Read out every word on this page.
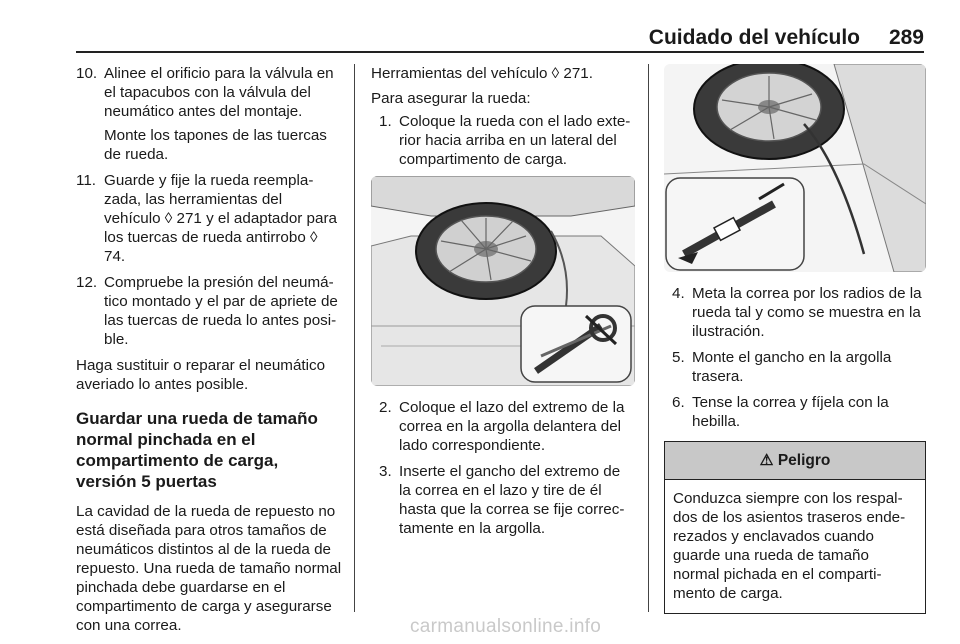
Cuidado del vehículo 289
10. Alinee el orificio para la válvula en el tapacubos con la válvula del neumático antes del montaje.
Monte los tapones de las tuercas de rueda.
11. Guarde y fije la rueda reemplazada, las herramientas del vehículo ◊ 271 y el adaptador para los tuercas de rueda antirrobo ◊ 74.
12. Compruebe la presión del neumático montado y el par de apriete de las tuercas de rueda lo antes posible.
Haga sustituir o reparar el neumático averiado lo antes posible.
Guardar una rueda de tamaño normal pinchada en el compartimento de carga, versión 5 puertas
La cavidad de la rueda de repuesto no está diseñada para otros tamaños de neumáticos distintos al de la rueda de repuesto. Una rueda de tamaño normal pinchada debe guardarse en el compartimento de carga y asegurarse con una correa.
Herramientas del vehículo ◊ 271.
Para asegurar la rueda:
1. Coloque la rueda con el lado exterior hacia arriba en un lateral del compartimento de carga.
2. Coloque el lazo del extremo de la correa en la argolla delantera del lado correspondiente.
3. Inserte el gancho del extremo de la correa en el lazo y tire de él hasta que la correa se fije correctamente en la argolla.
4. Meta la correa por los radios de la rueda tal y como se muestra en la ilustración.
5. Monte el gancho en la argolla trasera.
6. Tense la correa y fíjela con la hebilla.
⚠ Peligro
Conduzca siempre con los respaldos de los asientos traseros enderezados y enclavados cuando guarde una rueda de tamaño normal pichada en el compartimento de carga.
carmanualsonline.info
